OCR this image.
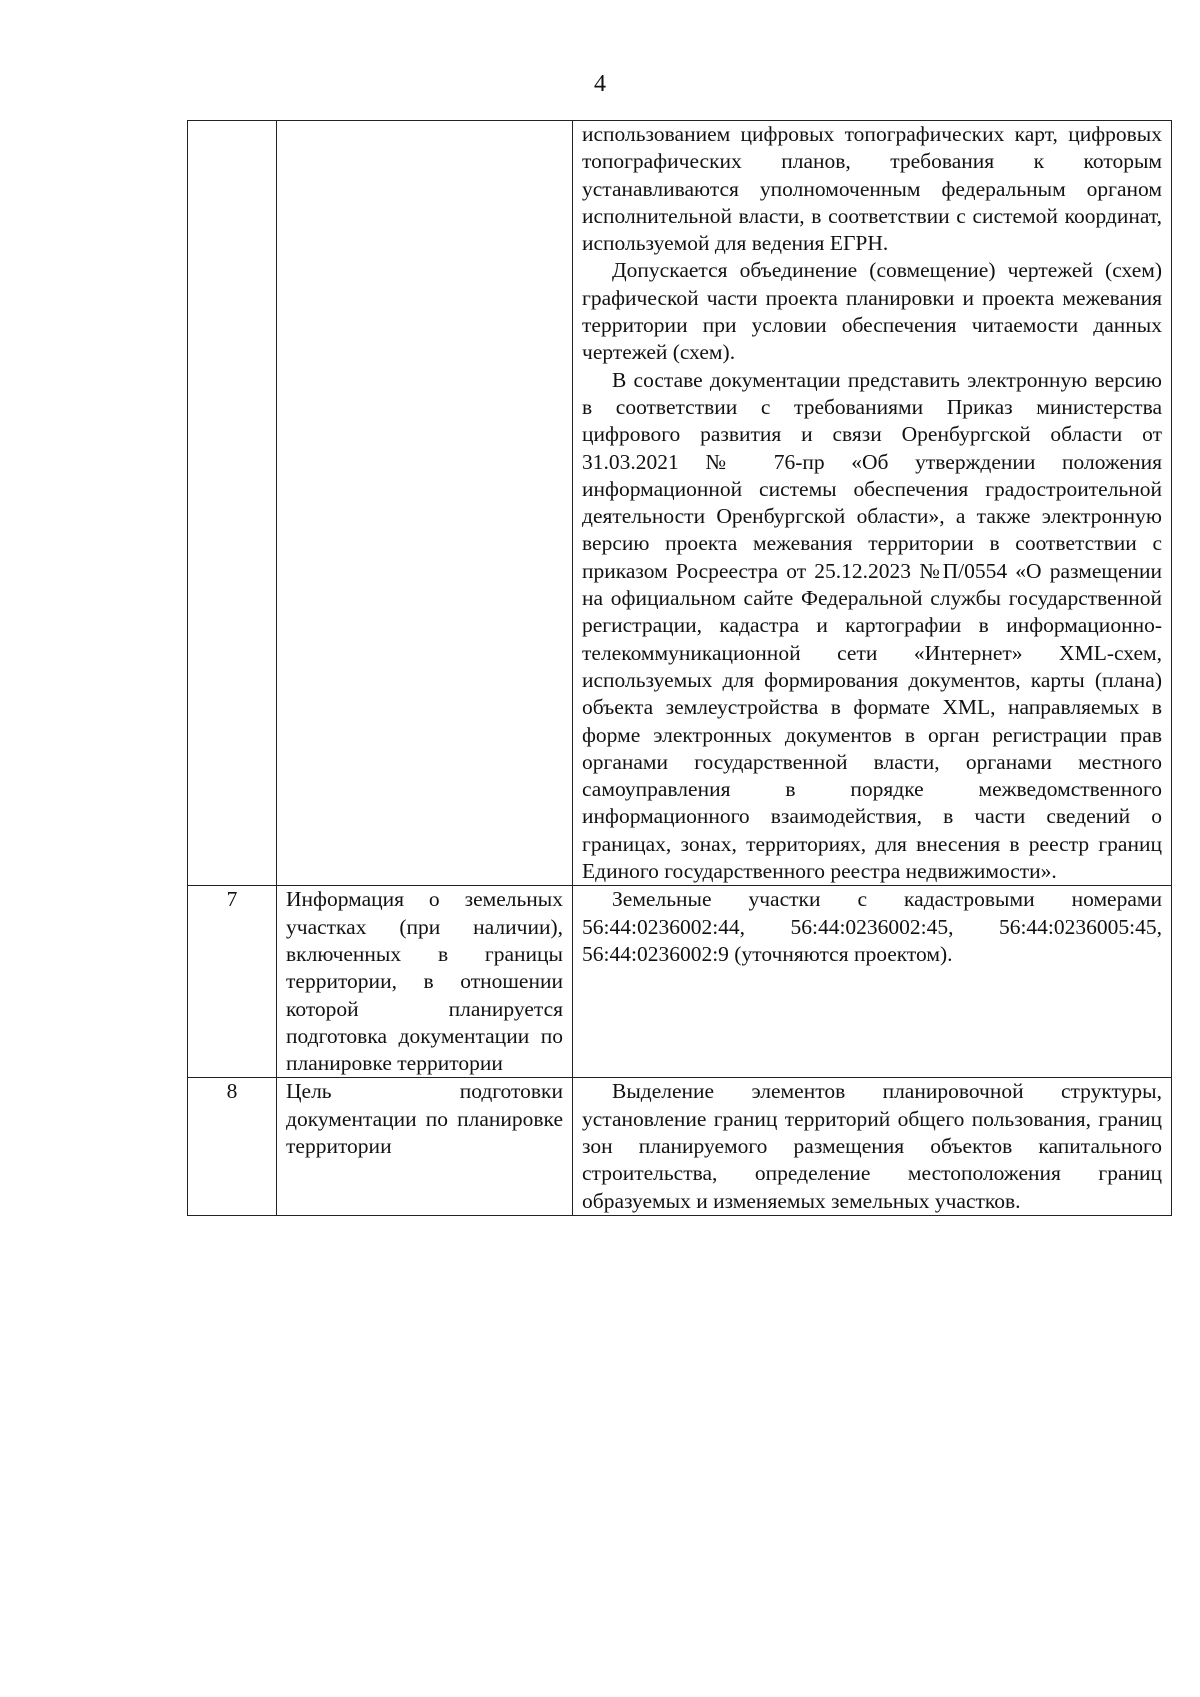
4

		использованием цифровых топографических карт, цифровых топографических планов, требования к которым устанавливаются уполномоченным федеральным органом исполнительной власти, в соответствии с системой координат, используемой для ведения ЕГРН.

Допускается объединение (совмещение) чертежей (схем) графической части проекта планировки и проекта межевания территории при условии обеспечения читаемости данных чертежей (схем).

В составе документации представить электронную версию в соответствии с требованиями Приказ министерства цифрового развития и связи Оренбургской области от 31.03.2021 № 76-пр «Об утверждении положения информационной системы обеспечения градостроительной деятельности Оренбургской области», а также электронную версию проекта межевания территории в соответствии с приказом Росреестра от 25.12.2023 №П/0554 «О размещении на официальном сайте Федеральной службы государственной регистрации, кадастра и картографии в информационно-телекоммуникационной сети «Интернет» XML-схем, используемых для формирования документов, карты (плана) объекта землеустройства в формате XML, направляемых в форме электронных документов в орган регистрации прав органами государственной власти, органами местного самоуправления в порядке межведомственного информационного взаимодействия, в части сведений о границах, зонах, территориях, для внесения в реестр границ Единого государственного реестра недвижимости».

7	Информация о земельных участках (при наличии), включенных в границы территории, в отношении которой планируется подготовка документации по планировке территории	Земельные участки с кадастровыми номерами 56:44:0236002:44, 56:44:0236002:45, 56:44:0236005:45, 56:44:0236002:9 (уточняются проектом).

8	Цель подготовки документации по планировке территории	Выделение элементов планировочной структуры, установление границ территорий общего пользования, границ зон планируемого размещения объектов капитального строительства, определение местоположения границ образуемых и изменяемых земельных участков.
